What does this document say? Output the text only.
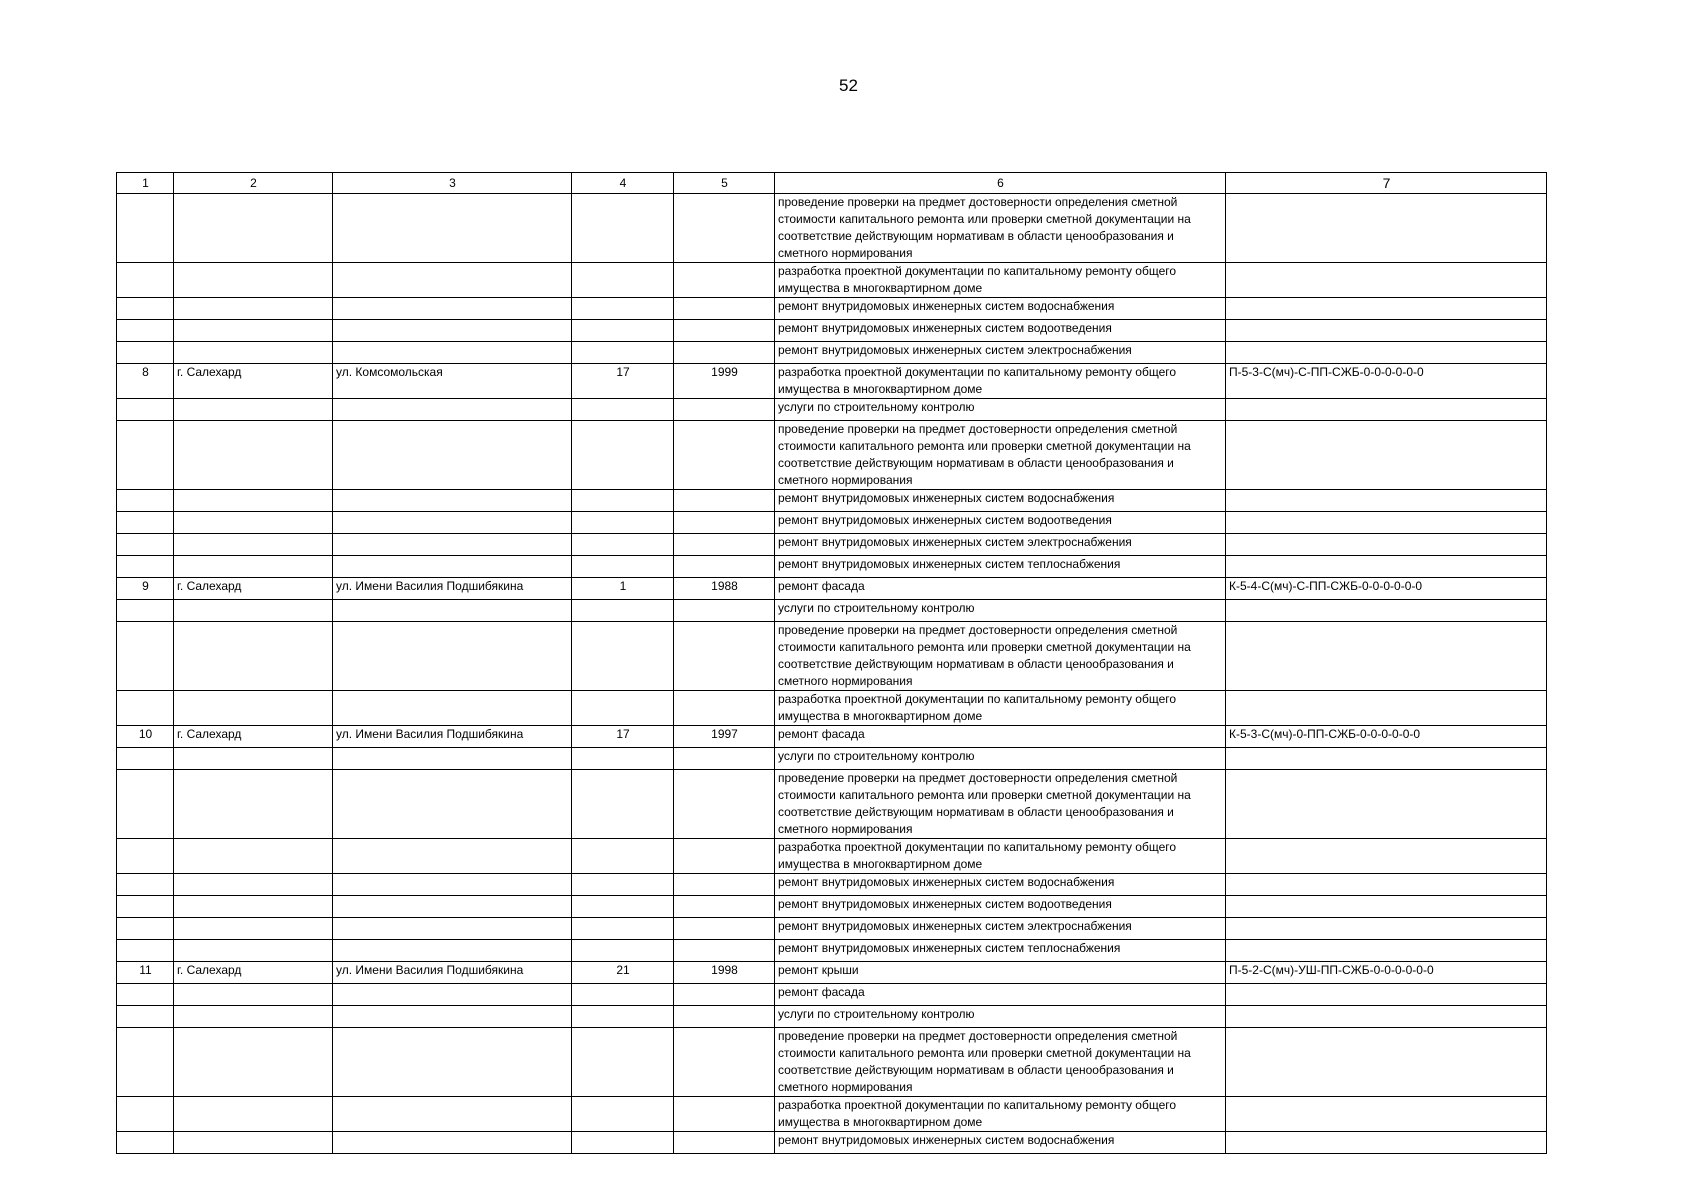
52
1	2	3	4	5	6	7
					проведение проверки на предмет достоверности определения сметной стоимости капитального ремонта или проверки сметной документации на соответствие действующим нормативам в области ценообразования и сметного нормирования	
					разработка проектной документации по капитальному ремонту общего имущества в многоквартирном доме	
					ремонт внутридомовых инженерных систем водоснабжения	
					ремонт внутридомовых инженерных систем водоотведения	
					ремонт внутридомовых инженерных систем электроснабжения	
8	г. Салехард	ул. Комсомольская	17	1999	разработка проектной документации по капитальному ремонту общего имущества в многоквартирном доме	П-5-3-С(мч)-С-ПП-СЖБ-0-0-0-0-0-0
					услуги по строительному контролю	
					проведение проверки на предмет достоверности определения сметной стоимости капитального ремонта или проверки сметной документации на соответствие действующим нормативам в области ценообразования и сметного нормирования	
					ремонт внутридомовых инженерных систем водоснабжения	
					ремонт внутридомовых инженерных систем водоотведения	
					ремонт внутридомовых инженерных систем электроснабжения	
					ремонт внутридомовых инженерных систем теплоснабжения	
9	г. Салехард	ул. Имени Василия Подшибякина	1	1988	ремонт фасада	К-5-4-С(мч)-С-ПП-СЖБ-0-0-0-0-0-0
					услуги по строительному контролю	
					проведение проверки на предмет достоверности определения сметной стоимости капитального ремонта или проверки сметной документации на соответствие действующим нормативам в области ценообразования и сметного нормирования	
					разработка проектной документации по капитальному ремонту общего имущества в многоквартирном доме	
10	г. Салехард	ул. Имени Василия Подшибякина	17	1997	ремонт фасада	К-5-3-С(мч)-0-ПП-СЖБ-0-0-0-0-0-0
					услуги по строительному контролю	
					проведение проверки на предмет достоверности определения сметной стоимости капитального ремонта или проверки сметной документации на соответствие действующим нормативам в области ценообразования и сметного нормирования	
					разработка проектной документации по капитальному ремонту общего имущества в многоквартирном доме	
					ремонт внутридомовых инженерных систем водоснабжения	
					ремонт внутридомовых инженерных систем водоотведения	
					ремонт внутридомовых инженерных систем электроснабжения	
					ремонт внутридомовых инженерных систем теплоснабжения	
11	г. Салехард	ул. Имени Василия Подшибякина	21	1998	ремонт крыши	П-5-2-С(мч)-УШ-ПП-СЖБ-0-0-0-0-0-0
					ремонт фасада	
					услуги по строительному контролю	
					проведение проверки на предмет достоверности определения сметной стоимости капитального ремонта или проверки сметной документации на соответствие действующим нормативам в области ценообразования и сметного нормирования	
					разработка проектной документации по капитальному ремонту общего имущества в многоквартирном доме	
					ремонт внутридомовых инженерных систем водоснабжения	
